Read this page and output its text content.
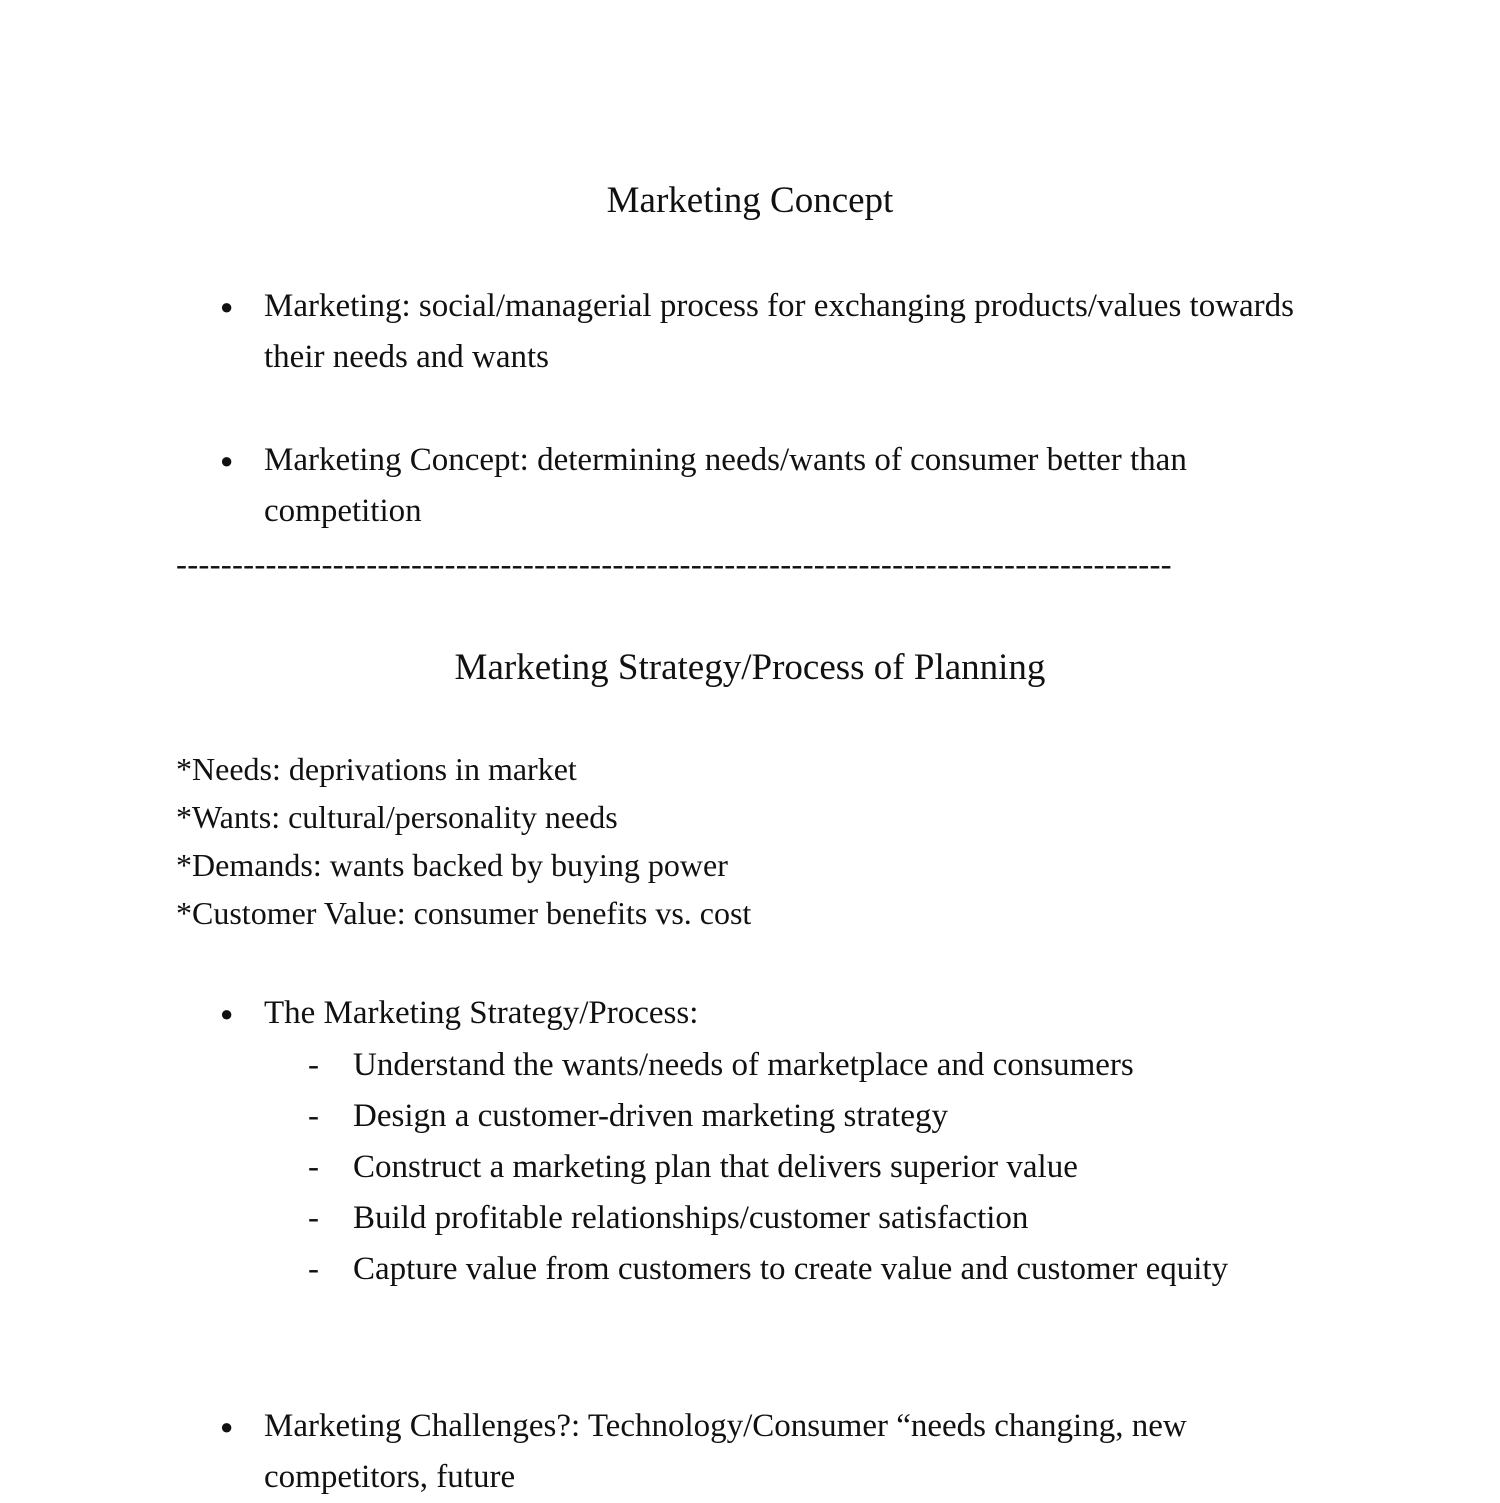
Marketing Concept
● Marketing: social/managerial process for exchanging products/values towards their needs and wants
● Marketing Concept: determining needs/wants of consumer better than competition
-----------------------------------------------------------------------------------------
Marketing Strategy/Process of Planning
*Needs: deprivations in market
*Wants: cultural/personality needs
*Demands: wants backed by buying power
*Customer Value: consumer benefits vs. cost
● The Marketing Strategy/Process:
- Understand the wants/needs of marketplace and consumers
- Design a customer-driven marketing strategy
- Construct a marketing plan that delivers superior value
- Build profitable relationships/customer satisfaction
- Capture value from customers to create value and customer equity
● Marketing Challenges?: Technology/Consumer “needs changing, new competitors, future
